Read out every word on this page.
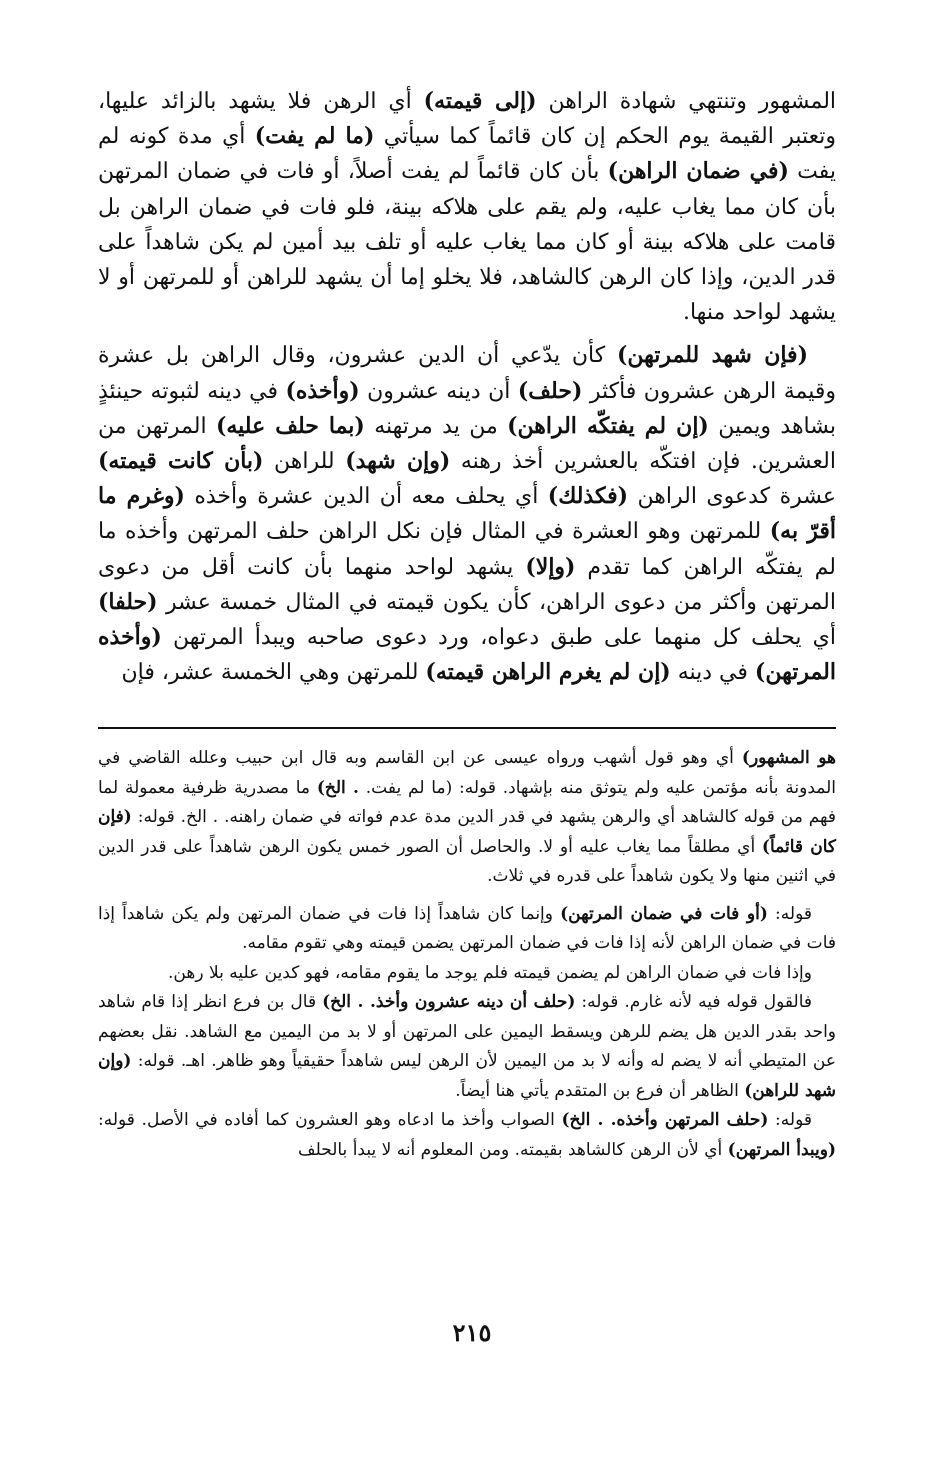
المشهور وتنتهي شهادة الراهن (إلى قيمته) أي الرهن فلا يشهد بالزائد عليها، وتعتبر القيمة يوم الحكم إن كان قائماً كما سيأتي (ما لم يفت) أي مدة كونه لم يفت (في ضمان الراهن) بأن كان قائماً لم يفت أصلاً، أو فات في ضمان المرتهن بأن كان مما يغاب عليه، ولم يقم على هلاكه بينة، فلو فات في ضمان الراهن بل قامت على هلاكه بينة أو كان مما يغاب عليه أو تلف بيد أمين لم يكن شاهداً على قدر الدين، وإذا كان الرهن كالشاهد، فلا يخلو إما أن يشهد للراهن أو للمرتهن أو لا يشهد لواحد منها.

(فإن شهد للمرتهن) كأن يدّعي أن الدين عشرون، وقال الراهن بل عشرة وقيمة الرهن عشرون فأكثر (حلف) أن دينه عشرون (وأخذه) في دينه لثبوته حينئذٍ بشاهد ويمين (إن لم يفتكّه الراهن) من يد مرتهنه (بما حلف عليه) المرتهن من العشرين. فإن افتكّه بالعشرين أخذ رهنه (وإن شهد) للراهن (بأن كانت قيمته) عشرة كدعوى الراهن (فكذلك) أي يحلف معه أن الدين عشرة وأخذه (وغرم ما أقرّ به) للمرتهن وهو العشرة في المثال فإن نكل الراهن حلف المرتهن وأخذه ما لم يفتكّه الراهن كما تقدم (وإلا) يشهد لواحد منهما بأن كانت أقل من دعوى المرتهن وأكثر من دعوى الراهن، كأن يكون قيمته في المثال خمسة عشر (حلفا) أي يحلف كل منهما على طبق دعواه، ورد دعوى صاحبه ويبدأ المرتهن (وأخذه المرتهن) في دينه (إن لم يغرم الراهن قيمته) للمرتهن وهي الخمسة عشر، فإن

هو المشهور) أي وهو قول أشهب ورواه عيسى عن ابن القاسم وبه قال ابن حبيب وعلله القاضي في المدونة بأنه مؤتمن عليه ولم يتوثق منه بإشهاد. قوله: (ما لم يفت. . الخ) ما مصدرية ظرفية معمولة لما فهم من قوله كالشاهد أي والرهن يشهد في قدر الدين مدة عدم فواته في ضمان راهنه. . الخ. قوله: (فإن كان قائماً) أي مطلقاً مما يغاب عليه أو لا. والحاصل أن الصور خمس يكون الرهن شاهداً على قدر الدين في اثنين منها ولا يكون شاهداً على قدره في ثلاث.

قوله: (أو فات في ضمان المرتهن) وإنما كان شاهداً إذا فات في ضمان المرتهن ولم يكن شاهداً إذا فات في ضمان الراهن لأنه إذا فات في ضمان المرتهن يضمن قيمته وهي تقوم مقامه.
وإذا فات في ضمان الراهن لم يضمن قيمته فلم يوجد ما يقوم مقامه، فهو كدين عليه بلا رهن.
فالقول قوله فيه لأنه غارم. قوله: (حلف أن دينه عشرون وأخذ. . الخ) قال بن فرع انظر إذا قام شاهد واحد بقدر الدين هل يضم للرهن ويسقط اليمين على المرتهن أو لا بد من اليمين مع الشاهد. نقل بعضهم عن المتيطي أنه لا يضم له وأنه لا بد من اليمين لأن الرهن ليس شاهداً حقيقياً وهو ظاهر. اهـ. قوله: (وإن شهد للراهن) الظاهر أن فرع بن المتقدم يأتي هنا أيضاً.
قوله: (حلف المرتهن وأخذه. . الخ) الصواب وأخذ ما ادعاه وهو العشرون كما أفاده في الأصل. قوله: (ويبدأ المرتهن) أي لأن الرهن كالشاهد بقيمته. ومن المعلوم أنه لا يبدأ بالحلف

٢١٥
